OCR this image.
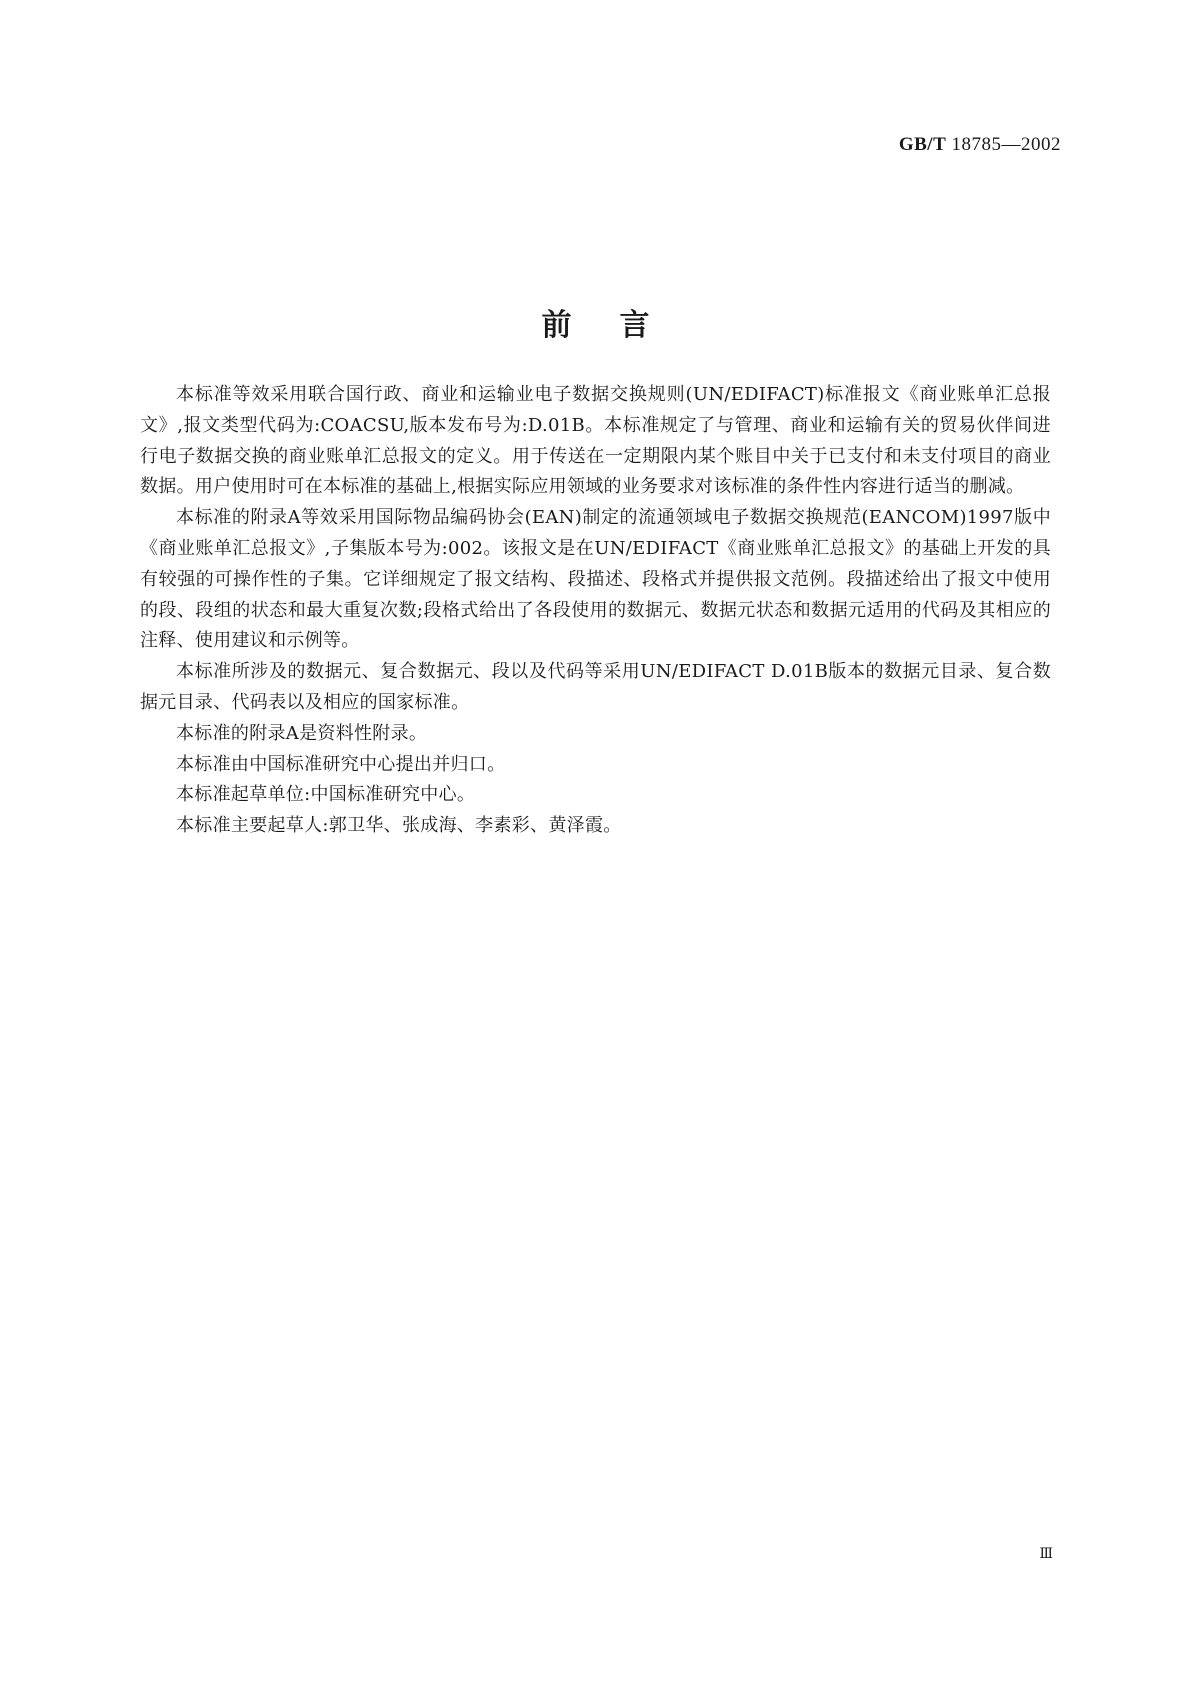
GB/T 18785—2002
前言

本标准等效采用联合国行政、商业和运输业电子数据交换规则(UN/EDIFACT)标准报文《商业账单汇总报文》,报文类型代码为:COACSU,版本发布号为:D.01B。本标准规定了与管理、商业和运输有关的贸易伙伴间进行电子数据交换的商业账单汇总报文的定义。用于传送在一定期限内某个账目中关于已支付和未支付项目的商业数据。用户使用时可在本标准的基础上,根据实际应用领域的业务要求对该标准的条件性内容进行适当的删减。

本标准的附录A等效采用国际物品编码协会(EAN)制定的流通领域电子数据交换规范(EANCOM)1997版中《商业账单汇总报文》,子集版本号为:002。该报文是在UN/EDIFACT《商业账单汇总报文》的基础上开发的具有较强的可操作性的子集。它详细规定了报文结构、段描述、段格式并提供报文范例。段描述给出了报文中使用的段、段组的状态和最大重复次数;段格式给出了各段使用的数据元、数据元状态和数据元适用的代码及其相应的注释、使用建议和示例等。

本标准所涉及的数据元、复合数据元、段以及代码等采用UN/EDIFACT D.01B版本的数据元目录、复合数据元目录、代码表以及相应的国家标准。

本标准的附录A是资料性附录。

本标准由中国标准研究中心提出并归口。

本标准起草单位:中国标准研究中心。

本标准主要起草人:郭卫华、张成海、李素彩、黄泽霞。

Ⅲ
